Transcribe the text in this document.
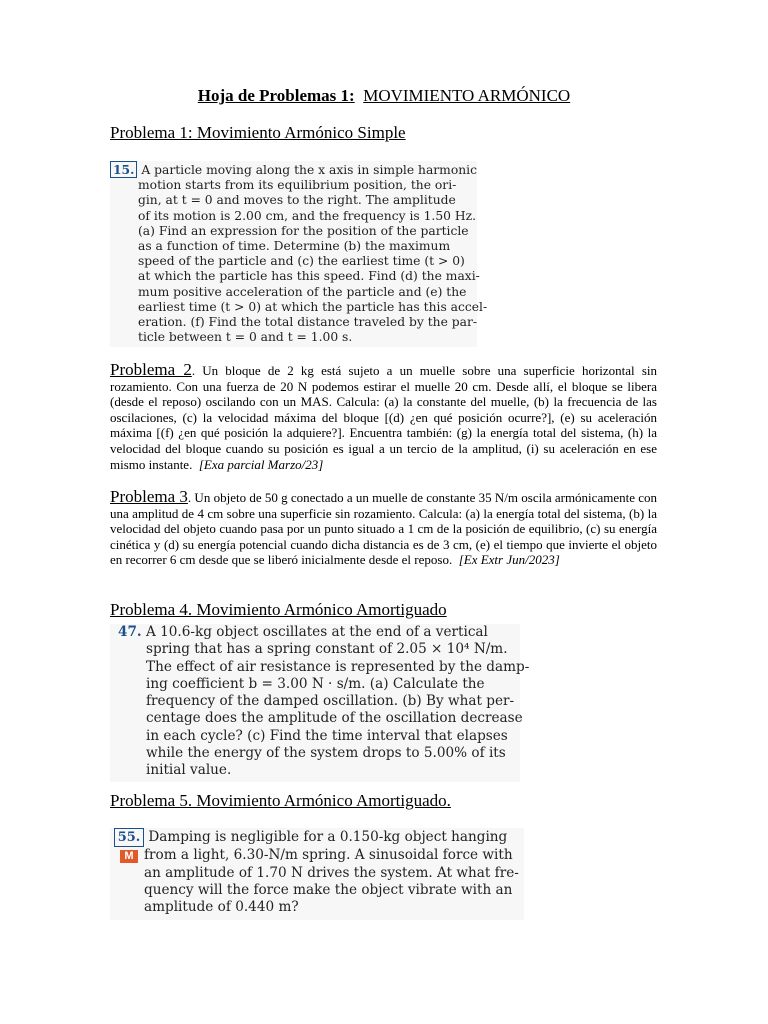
Hoja de Problemas 1: MOVIMIENTO ARMÓNICO
Problema 1: Movimiento Armónico Simple
15. A particle moving along the x axis in simple harmonic
motion starts from its equilibrium position, the ori-
gin, at t = 0 and moves to the right. The amplitude
of its motion is 2.00 cm, and the frequency is 1.50 Hz.
(a) Find an expression for the position of the particle
as a function of time. Determine (b) the maximum
speed of the particle and (c) the earliest time (t > 0)
at which the particle has this speed. Find (d) the maxi-
mum positive acceleration of the particle and (e) the
earliest time (t > 0) at which the particle has this accel-
eration. (f) Find the total distance traveled by the par-
ticle between t = 0 and t = 1.00 s.
Problema 2. Un bloque de 2 kg está sujeto a un muelle sobre una superficie horizontal sin rozamiento. Con una fuerza de 20 N podemos estirar el muelle 20 cm. Desde allí, el bloque se libera (desde el reposo) oscilando con un MAS. Calcula: (a) la constante del muelle, (b) la frecuencia de las oscilaciones, (c) la velocidad máxima del bloque [(d) ¿en qué posición ocurre?], (e) su aceleración máxima [(f) ¿en qué posición la adquiere?]. Encuentra también: (g) la energía total del sistema, (h) la velocidad del bloque cuando su posición es igual a un tercio de la amplitud, (i) su aceleración en ese mismo instante. [Exa parcial Marzo/23]
Problema 3. Un objeto de 50 g conectado a un muelle de constante 35 N/m oscila armónicamente con una amplitud de 4 cm sobre una superficie sin rozamiento. Calcula: (a) la energía total del sistema, (b) la velocidad del objeto cuando pasa por un punto situado a 1 cm de la posición de equilibrio, (c) su energía cinética y (d) su energía potencial cuando dicha distancia es de 3 cm, (e) el tiempo que invierte el objeto en recorrer 6 cm desde que se liberó inicialmente desde el reposo. [Ex Extr Jun/2023]
Problema 4. Movimiento Armónico Amortiguado
47. A 10.6-kg object oscillates at the end of a vertical
spring that has a spring constant of 2.05 × 10⁴ N/m.
The effect of air resistance is represented by the damp-
ing coefficient b = 3.00 N · s/m. (a) Calculate the
frequency of the damped oscillation. (b) By what per-
centage does the amplitude of the oscillation decrease
in each cycle? (c) Find the time interval that elapses
while the energy of the system drops to 5.00% of its
initial value.
Problema 5. Movimiento Armónico Amortiguado.
55. Damping is negligible for a 0.150-kg object hanging
M from a light, 6.30-N/m spring. A sinusoidal force with
an amplitude of 1.70 N drives the system. At what fre-
quency will the force make the object vibrate with an
amplitude of 0.440 m?
